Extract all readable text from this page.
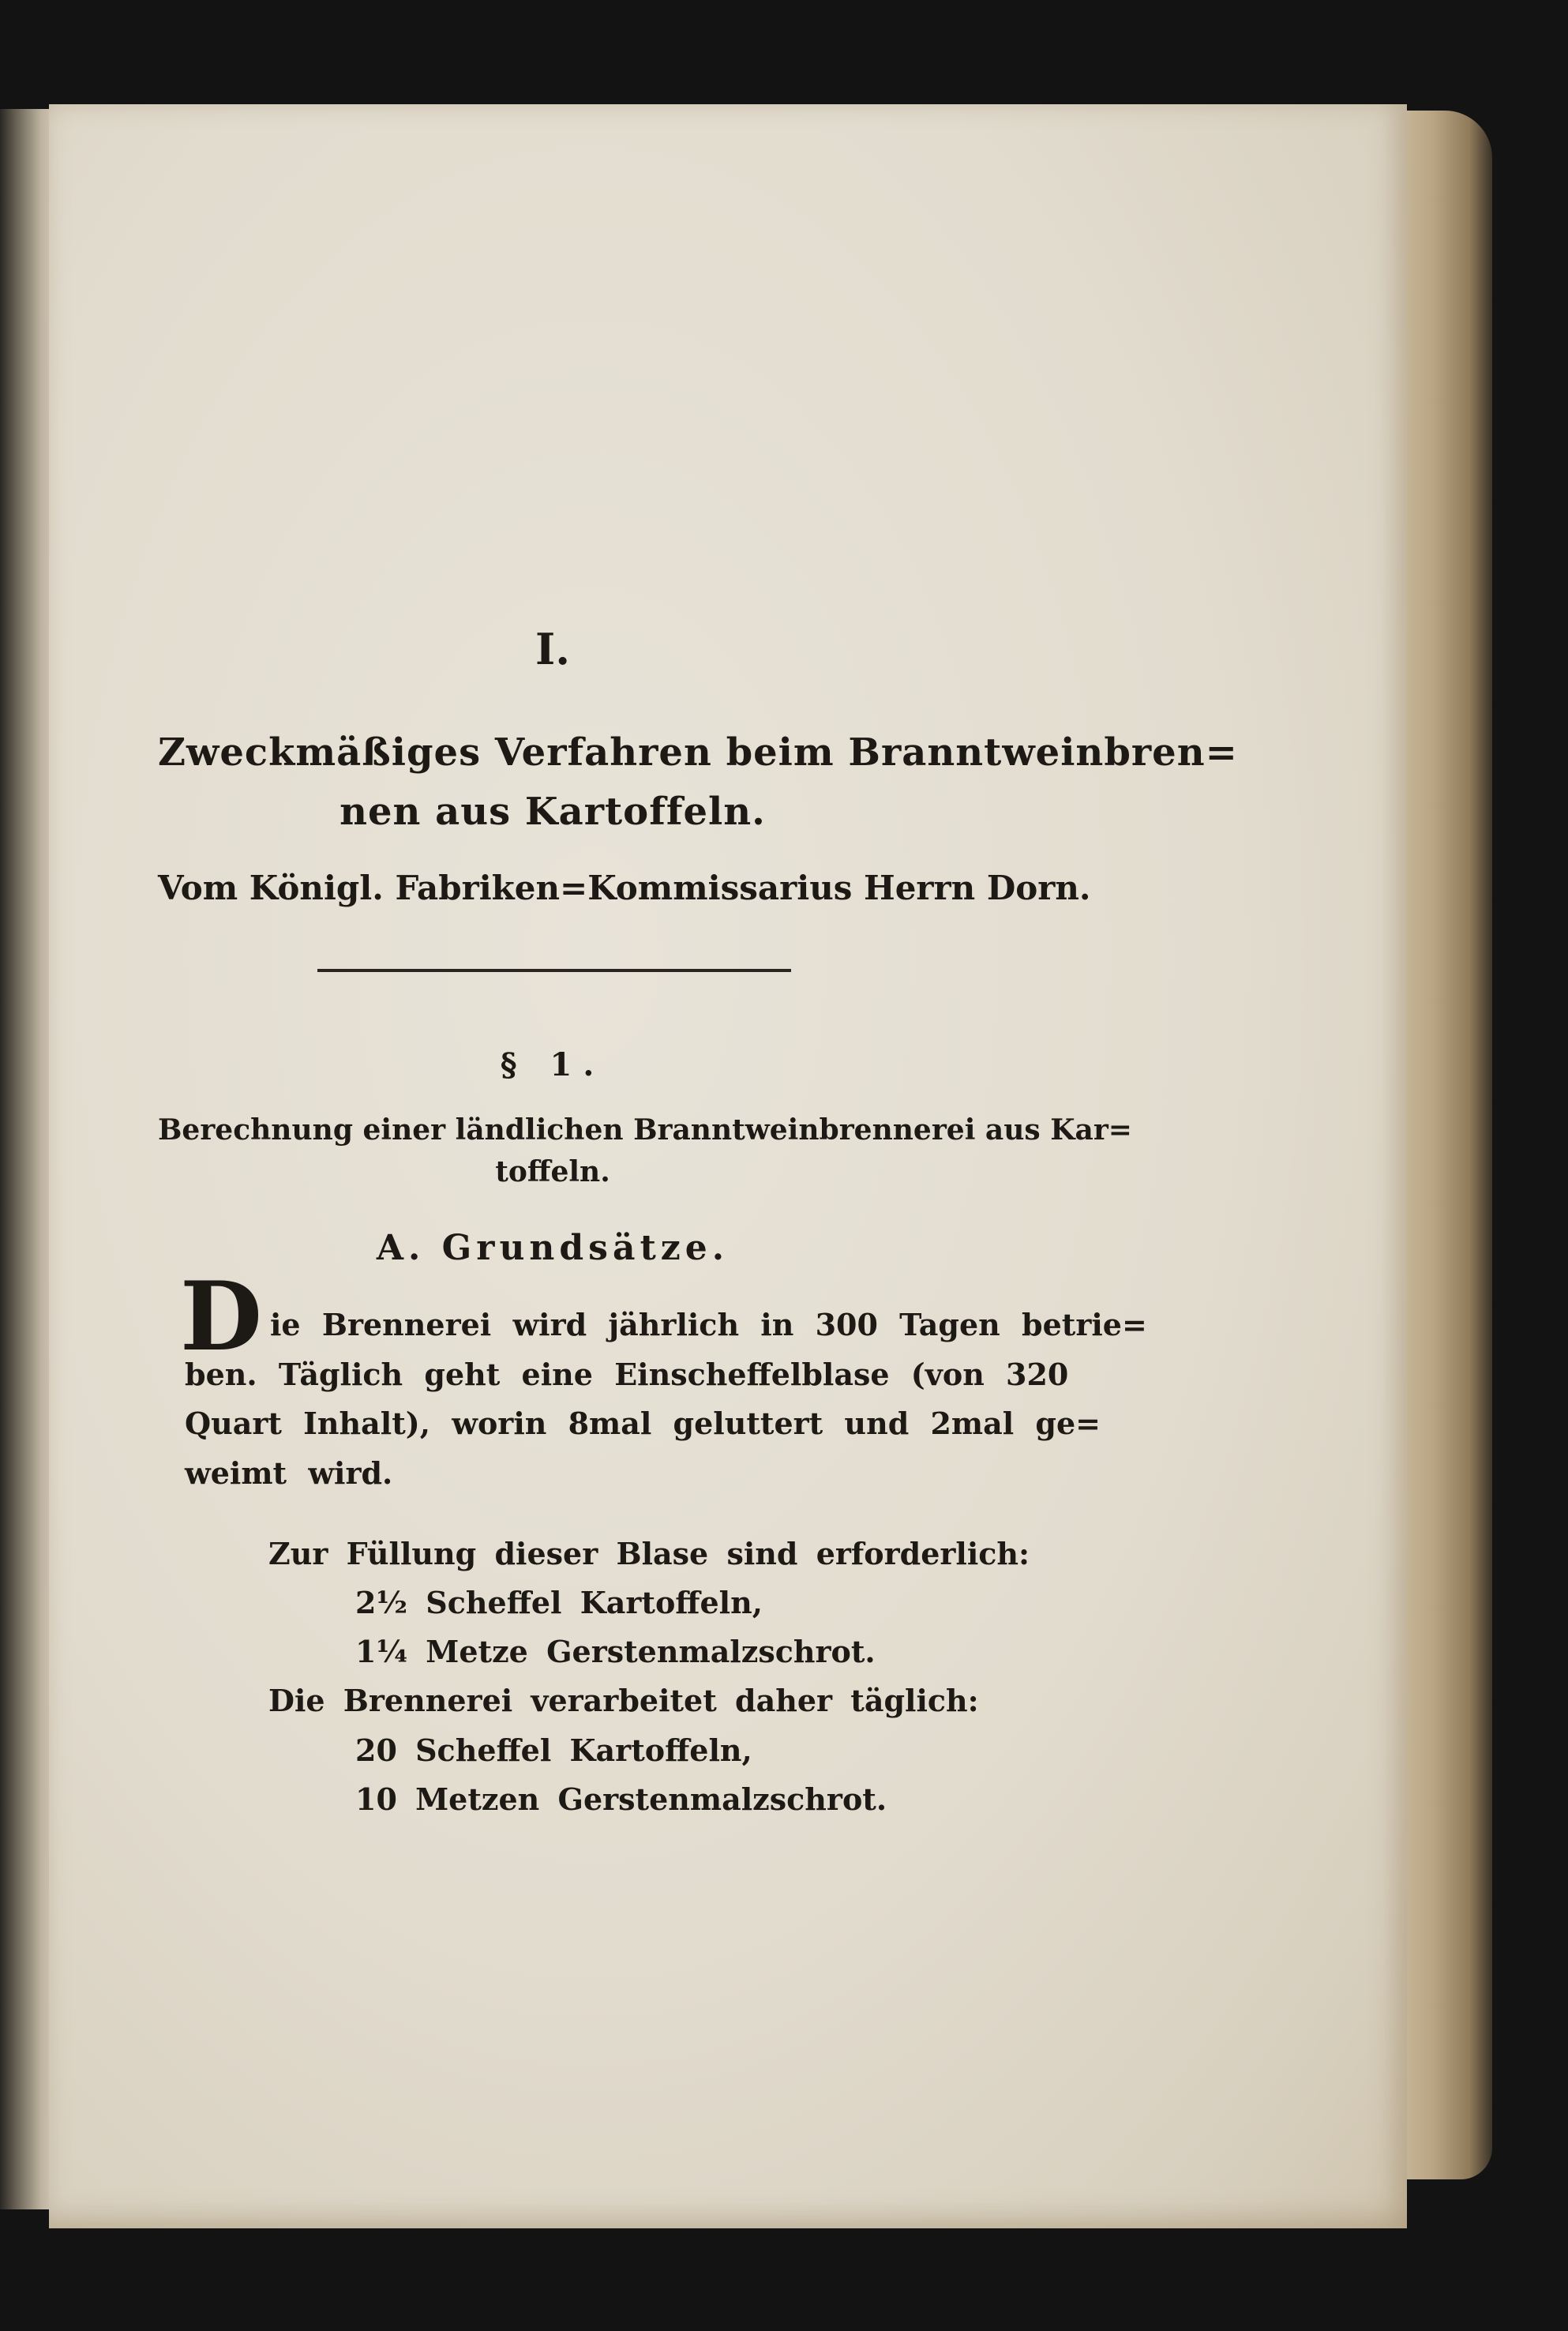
I.
Zweckmäßiges Verfahren beim Branntweinbren=
nen aus Kartoffeln.
Vom Königl. Fabriken=Kommissarius Herrn Dorn.
§ 1.
Berechnung einer ländlichen Branntweinbrennerei aus Kar=
toffeln.
A. Grundsätze.
D ie Brennerei wird jährlich in 300 Tagen betrie=
ben. Täglich geht eine Einscheffelblase (von 320
Quart Inhalt), worin 8mal geluttert und 2mal ge=
weimt wird.
Zur Füllung dieser Blase sind erforderlich:
2½ Scheffel Kartoffeln,
1¼ Metze Gerstenmalzschrot.
Die Brennerei verarbeitet daher täglich:
20 Scheffel Kartoffeln,
10 Metzen Gerstenmalzschrot.
